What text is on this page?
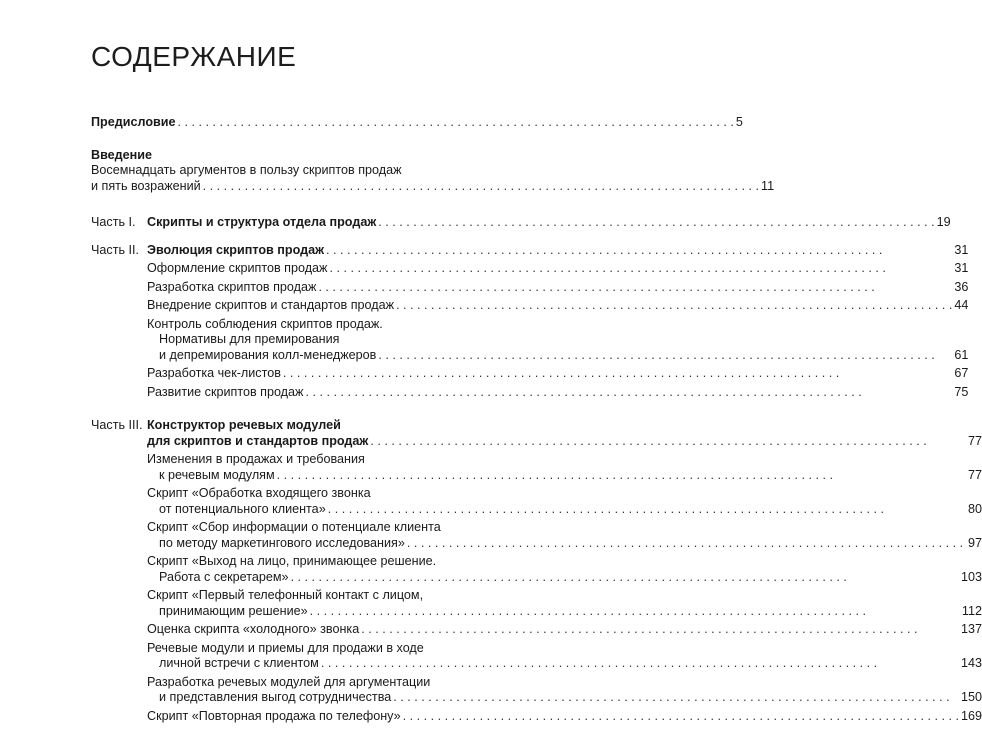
СОДЕРЖАНИЕ
Предисловие . . .	5
Введение
Восемнадцать аргументов в пользу скриптов продаж
и пять возражений . . .	11
Часть I. Скрипты и структура отдела продаж . . .	19
Часть II. Эволюция скриптов продаж . . .	31
Оформление скриптов продаж . . .	31
Разработка скриптов продаж . . .	36
Внедрение скриптов и стандартов продаж . . .	44
Контроль соблюдения скриптов продаж.
Нормативы для премирования
и депремирования колл-менеджеров . . .	61
Разработка чек-листов . . .	67
Развитие скриптов продаж . . .	75
Часть III. Конструктор речевых модулей
для скриптов и стандартов продаж . . .	77
Изменения в продажах и требования
к речевым модулям . . .	77
Скрипт «Обработка входящего звонка
от потенциального клиента» . . .	80
Скрипт «Сбор информации о потенциале клиента
по методу маркетингового исследования» . . .	97
Скрипт «Выход на лицо, принимающее решение.
Работа с секретарем» . . .	103
Скрипт «Первый телефонный контакт с лицом,
принимающим решение» . . .	112
Оценка скрипта «холодного» звонка . . .	137
Речевые модули и приемы для продажи в ходе
личной встречи с клиентом . . .	143
Разработка речевых модулей для аргументации
и представления выгод сотрудничества . . .	150
Скрипт «Повторная продажа по телефону» . . .	169
